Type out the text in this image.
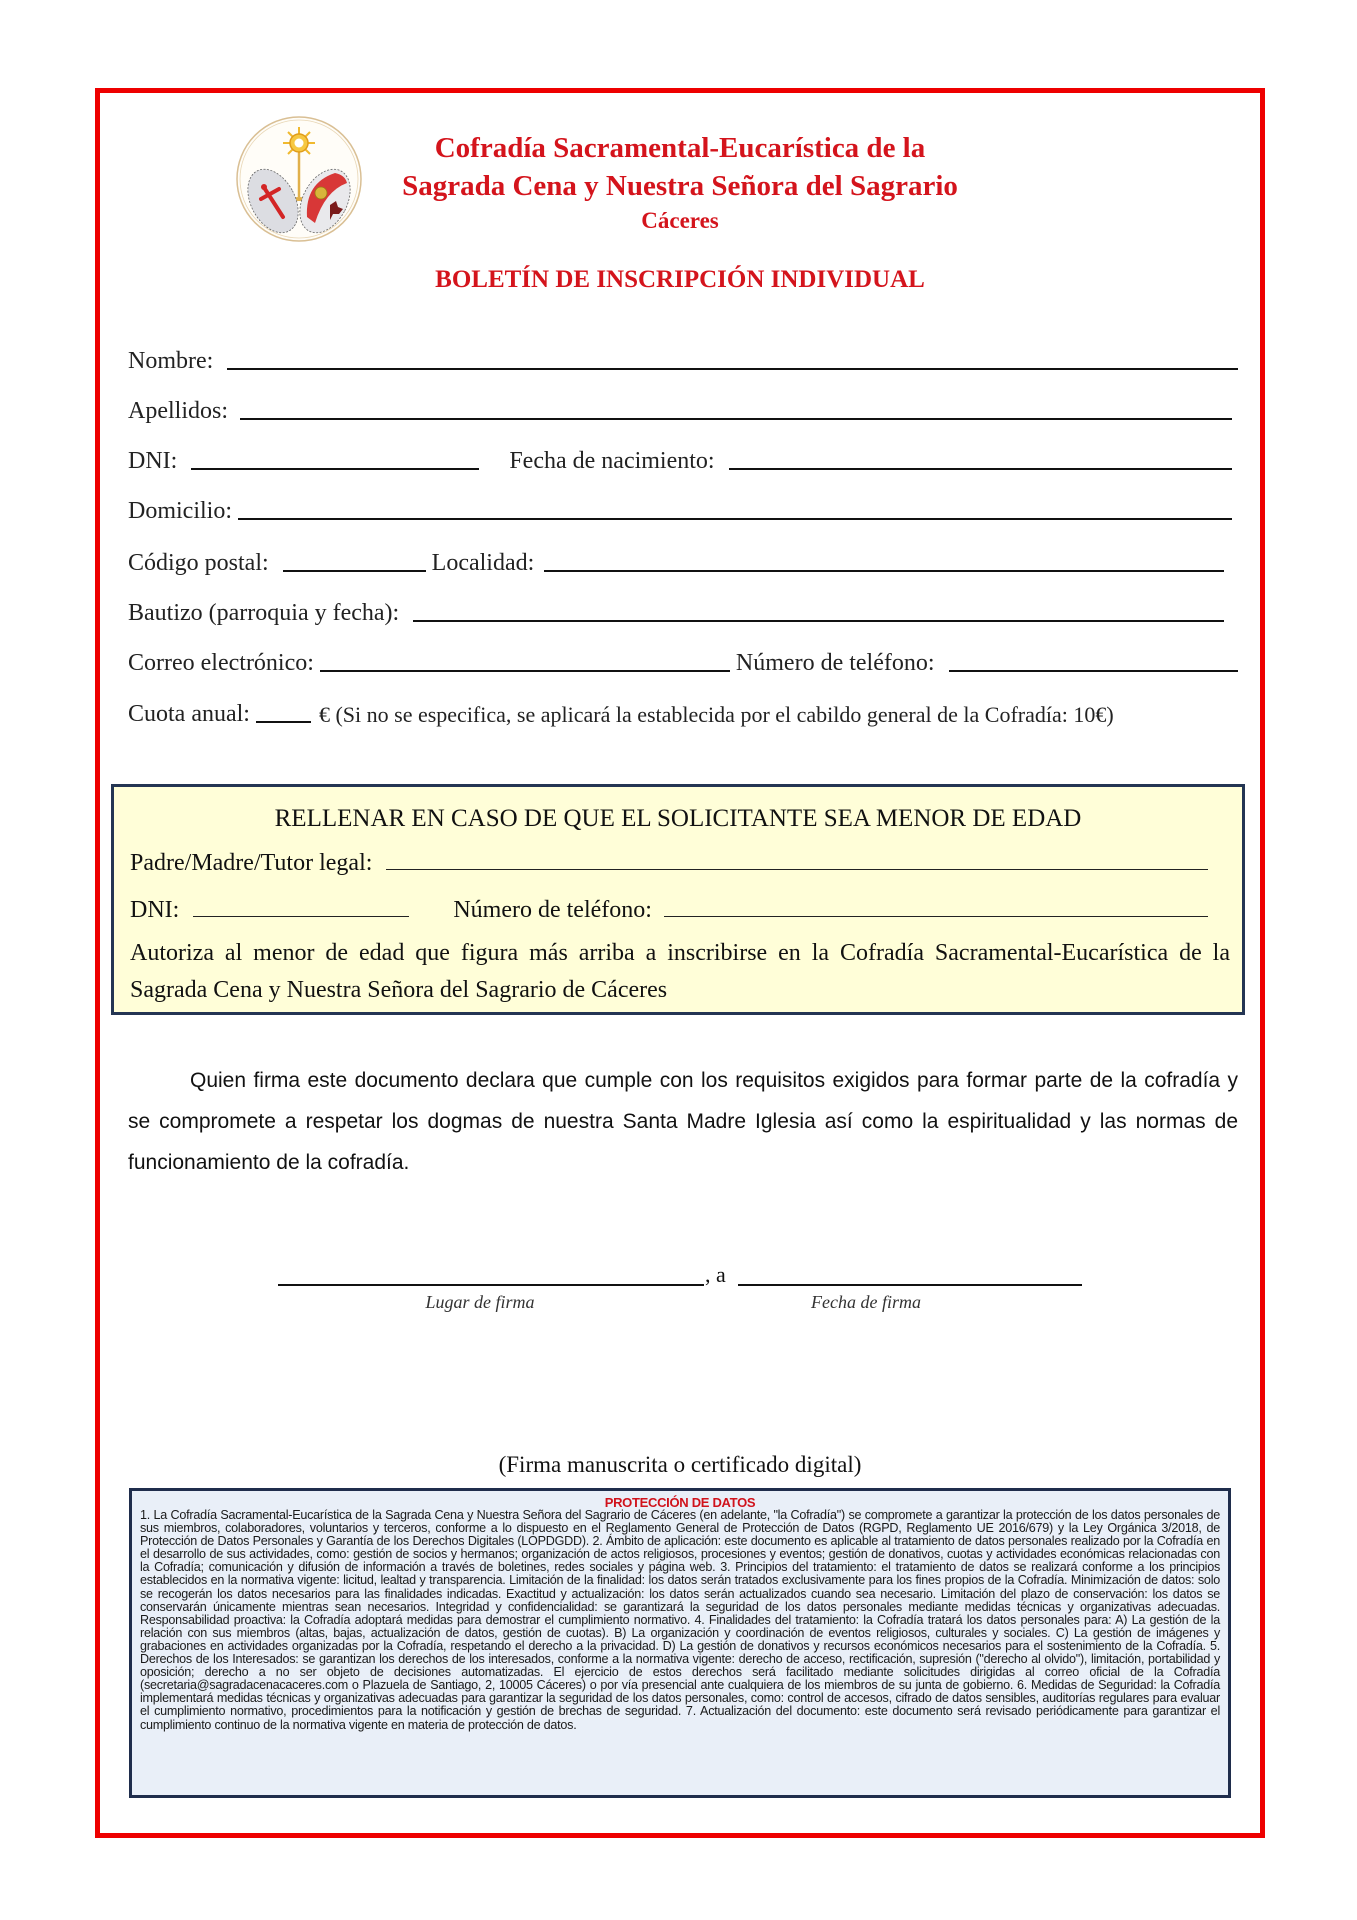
Cofradía Sacramental-Eucarística de la
Sagrada Cena y Nuestra Señora del Sagrario
Cáceres
BOLETÍN DE INSCRIPCIÓN INDIVIDUAL
Nombre:
Apellidos:
DNI:	Fecha de nacimiento:
Domicilio:
Código postal:	Localidad:
Bautizo (parroquia y fecha):
Correo electrónico:	Número de teléfono:
Cuota anual:	€ (Si no se especifica, se aplicará la establecida por el cabildo general de la Cofradía: 10€)
RELLENAR EN CASO DE QUE EL SOLICITANTE SEA MENOR DE EDAD
Padre/Madre/Tutor legal:
DNI:	Número de teléfono:
Autoriza al menor de edad que figura más arriba a inscribirse en la Cofradía Sacramental-Eucarística de la Sagrada Cena y Nuestra Señora del Sagrario de Cáceres
Quien firma este documento declara que cumple con los requisitos exigidos para formar parte de la cofradía y se compromete a respetar los dogmas de nuestra Santa Madre Iglesia así como la espiritualidad y las normas de funcionamiento de la cofradía.
, a
Lugar de firma	Fecha de firma
(Firma manuscrita o certificado digital)
PROTECCIÓN DE DATOS
1. La Cofradía Sacramental-Eucarística de la Sagrada Cena y Nuestra Señora del Sagrario de Cáceres (en adelante, "la Cofradía") se compromete a garantizar la protección de los datos personales de sus miembros, colaboradores, voluntarios y terceros, conforme a lo dispuesto en el Reglamento General de Protección de Datos (RGPD, Reglamento UE 2016/679) y la Ley Orgánica 3/2018, de Protección de Datos Personales y Garantía de los Derechos Digitales (LOPDGDD). 2. Ámbito de aplicación: este documento es aplicable al tratamiento de datos personales realizado por la Cofradía en el desarrollo de sus actividades, como: gestión de socios y hermanos; organización de actos religiosos, procesiones y eventos; gestión de donativos, cuotas y actividades económicas relacionadas con la Cofradía; comunicación y difusión de información a través de boletines, redes sociales y página web. 3. Principios del tratamiento: el tratamiento de datos se realizará conforme a los principios establecidos en la normativa vigente: licitud, lealtad y transparencia. Limitación de la finalidad: los datos serán tratados exclusivamente para los fines propios de la Cofradía. Minimización de datos: solo se recogerán los datos necesarios para las finalidades indicadas. Exactitud y actualización: los datos serán actualizados cuando sea necesario. Limitación del plazo de conservación: los datos se conservarán únicamente mientras sean necesarios. Integridad y confidencialidad: se garantizará la seguridad de los datos personales mediante medidas técnicas y organizativas adecuadas. Responsabilidad proactiva: la Cofradía adoptará medidas para demostrar el cumplimiento normativo. 4. Finalidades del tratamiento: la Cofradía tratará los datos personales para: A) La gestión de la relación con sus miembros (altas, bajas, actualización de datos, gestión de cuotas). B) La organización y coordinación de eventos religiosos, culturales y sociales. C) La gestión de imágenes y grabaciones en actividades organizadas por la Cofradía, respetando el derecho a la privacidad. D) La gestión de donativos y recursos económicos necesarios para el sostenimiento de la Cofradía. 5. Derechos de los Interesados: se garantizan los derechos de los interesados, conforme a la normativa vigente: derecho de acceso, rectificación, supresión ("derecho al olvido"), limitación, portabilidad y oposición; derecho a no ser objeto de decisiones automatizadas. El ejercicio de estos derechos será facilitado mediante solicitudes dirigidas al correo oficial de la Cofradía (secretaria@sagradacenacaceres.com o Plazuela de Santiago, 2, 10005 Cáceres) o por vía presencial ante cualquiera de los miembros de su junta de gobierno. 6. Medidas de Seguridad: la Cofradía implementará medidas técnicas y organizativas adecuadas para garantizar la seguridad de los datos personales, como: control de accesos, cifrado de datos sensibles, auditorías regulares para evaluar el cumplimiento normativo, procedimientos para la notificación y gestión de brechas de seguridad. 7. Actualización del documento: este documento será revisado periódicamente para garantizar el cumplimiento continuo de la normativa vigente en materia de protección de datos.
